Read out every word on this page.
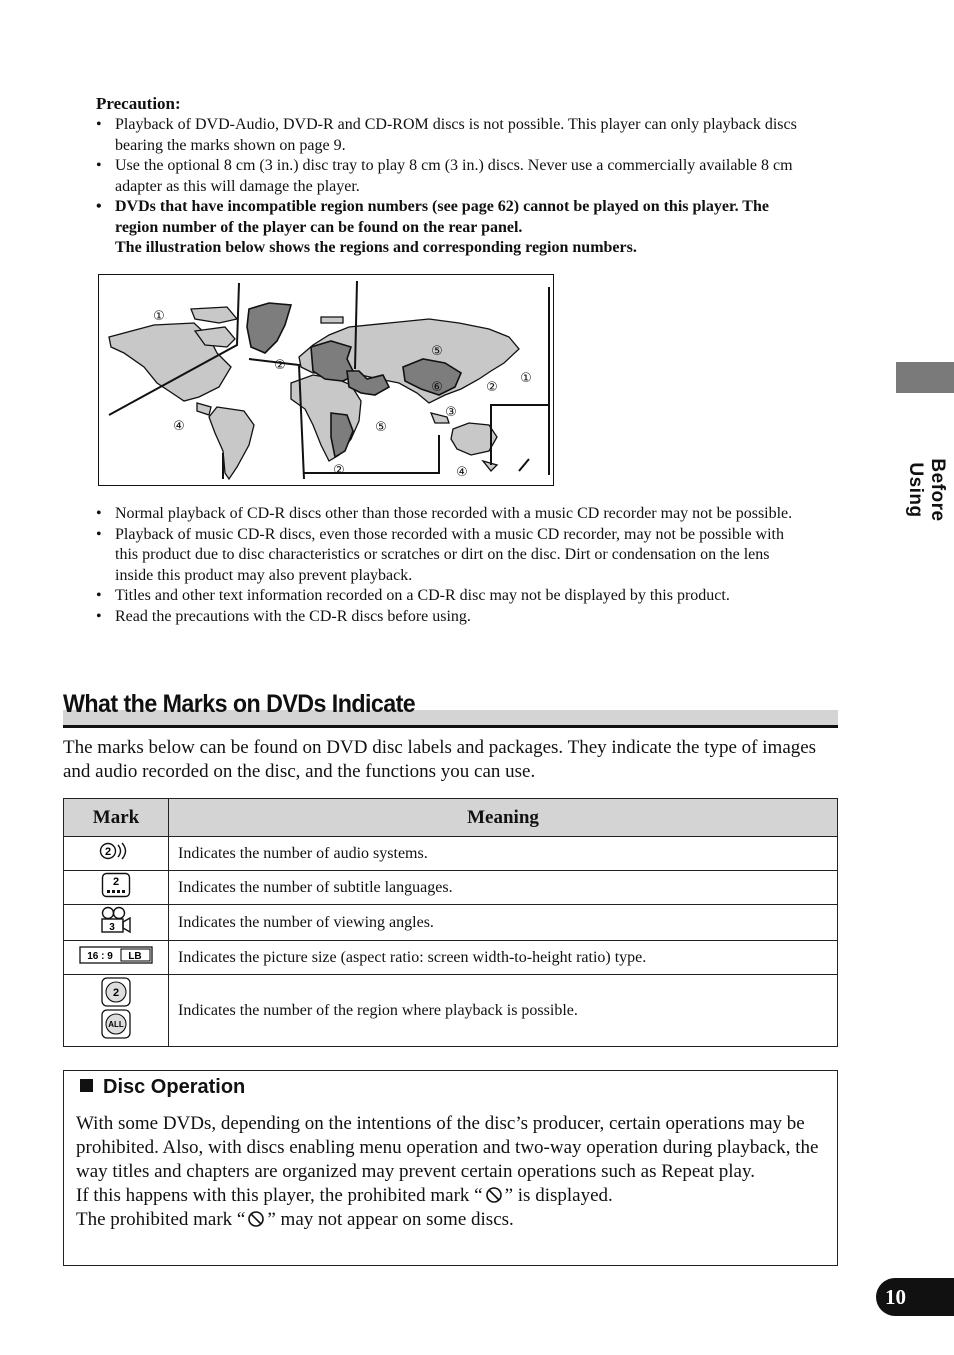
Precaution:
• Playback of DVD-Audio, DVD-R and CD-ROM discs is not possible. This player can only playback discs bearing the marks shown on page 9.
• Use the optional 8 cm (3 in.) disc tray to play 8 cm (3 in.) discs. Never use a commercially available 8 cm adapter as this will damage the player.
• DVDs that have incompatible region numbers (see page 62) cannot be played on this player. The region number of the player can be found on the rear panel.
The illustration below shows the regions and corresponding region numbers.
①
②
⑤
⑥	②
①
③
④	⑤
②	④
• Normal playback of CD-R discs other than those recorded with a music CD recorder may not be possible.
• Playback of music CD-R discs, even those recorded with a music CD recorder, may not be possible with this product due to disc characteristics or scratches or dirt on the disc. Dirt or condensation on the lens inside this product may also prevent playback.
• Titles and other text information recorded on a CD-R disc may not be displayed by this product.
• Read the precautions with the CD-R discs before using.
Before Using
What the Marks on DVDs Indicate
The marks below can be found on DVD disc labels and packages. They indicate the type of images and audio recorded on the disc, and the functions you can use.
Mark	Meaning

2	Indicates the number of audio systems.

2	Indicates the number of subtitle languages.

3	Indicates the number of viewing angles.

16 : 9 LB	Indicates the picture size (aspect ratio: screen width-to-height ratio) type.

2
ALL	Indicates the number of the region where playback is possible.
Disc Operation

With some DVDs, depending on the intentions of the disc’s producer, certain operations may be prohibited. Also, with discs enabling menu operation and two-way operation during playback, the way titles and chapters are organized may prevent certain operations such as Repeat play.

If this happens with this player, the prohibited mark “ ” is displayed.

The prohibited mark “ ” may not appear on some discs.

10
